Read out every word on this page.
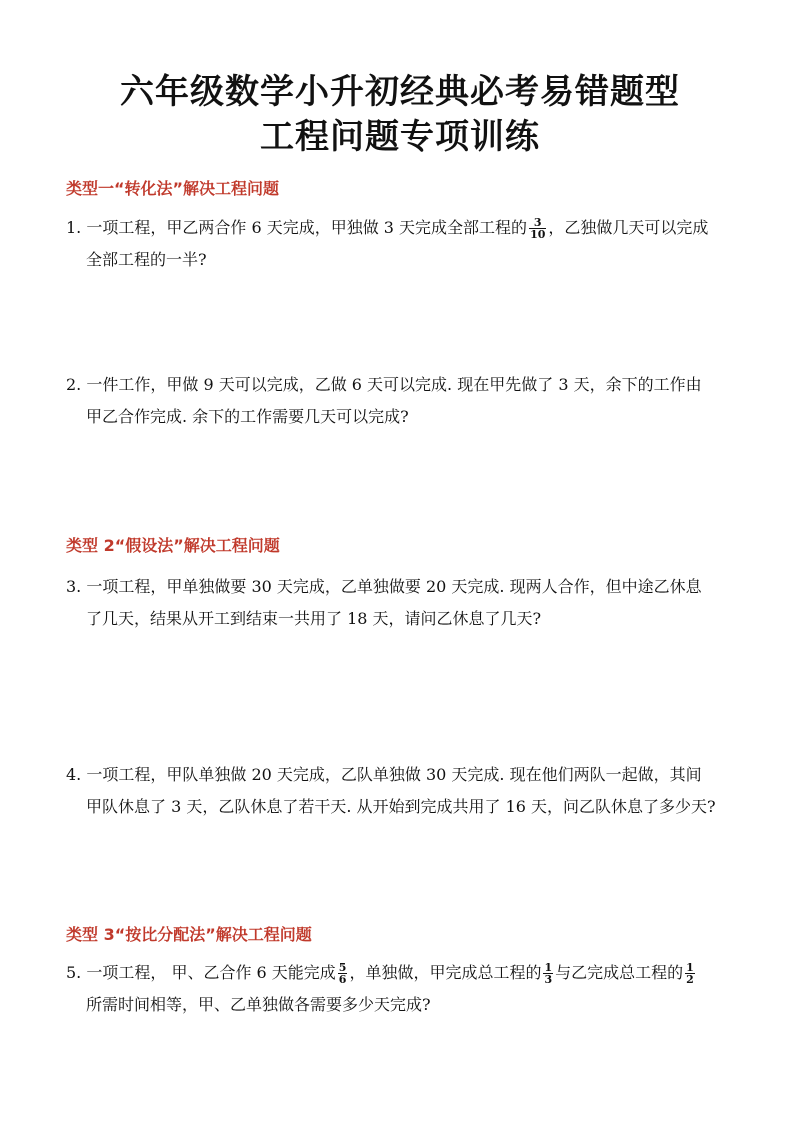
六年级数学小升初经典必考易错题型
工程问题专项训练
类型一“转化法”解决工程问题
1. 一项工程，甲乙两合作 6 天完成，甲独做 3 天完成全部工程的 $\frac{3}{10}$ ，乙独做几天可以完成
全部工程的一半?
2. 一件工作，甲做 9 天可以完成，乙做 6 天可以完成. 现在甲先做了 3 天，余下的工作由
甲乙合作完成. 余下的工作需要几天可以完成?
类型 2“假设法”解决工程问题
3. 一项工程，甲单独做要 30 天完成，乙单独做要 20 天完成. 现两人合作，但中途乙休息
了几天，结果从开工到结束一共用了 18 天，请问乙休息了几天?
4. 一项工程，甲队单独做 20 天完成，乙队单独做 30 天完成. 现在他们两队一起做，其间
甲队休息了 3 天，乙队休息了若干天. 从开始到完成共用了 16 天，问乙队休息了多少天?
类型 3“按比分配法”解决工程问题
5. 一项工程， 甲、乙合作 6 天能完成 $\frac{5}{6}$ ，单独做，甲完成总工程的 $\frac{1}{3}$ 与乙完成总工程的 $\frac{1}{2}$
所需时间相等，甲、乙单独做各需要多少天完成?
